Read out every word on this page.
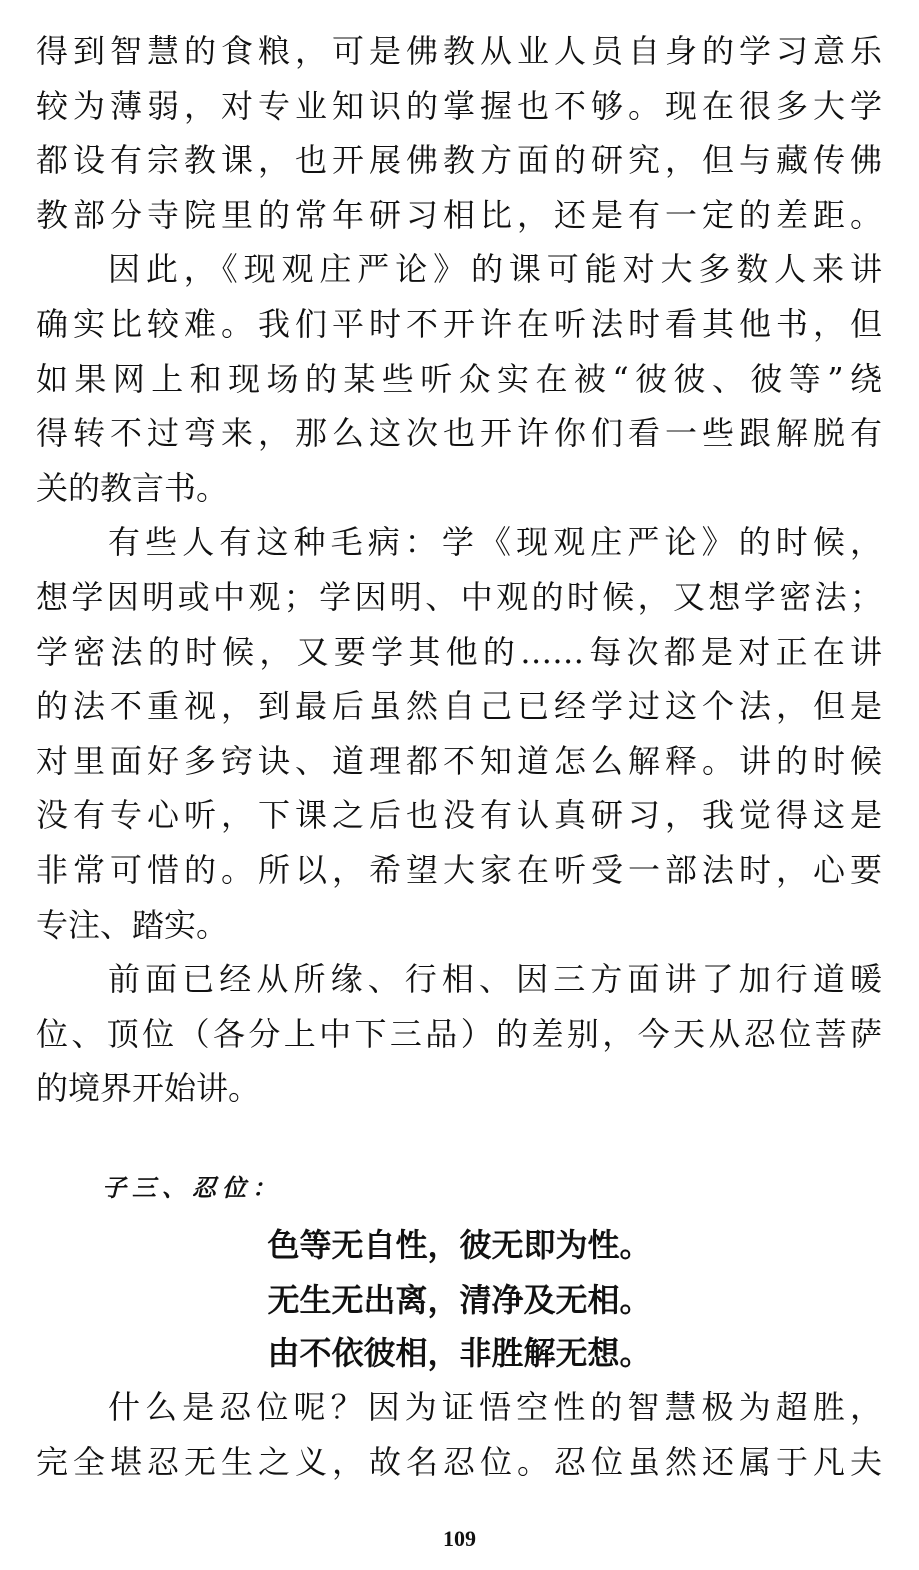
得到智慧的食粮，可是佛教从业人员自身的学习意乐
较为薄弱，对专业知识的掌握也不够。现在很多大学
都设有宗教课，也开展佛教方面的研究，但与藏传佛
教部分寺院里的常年研习相比，还是有一定的差距。
因此，《现观庄严论》的课可能对大多数人来讲
确实比较难。我们平时不开许在听法时看其他书，但
如果网上和现场的某些听众实在被“彼彼、彼等”绕
得转不过弯来，那么这次也开许你们看一些跟解脱有
关的教言书。
有些人有这种毛病：学《现观庄严论》的时候，
想学因明或中观；学因明、中观的时候，又想学密法；
学密法的时候，又要学其他的……每次都是对正在讲
的法不重视，到最后虽然自己已经学过这个法，但是
对里面好多窍诀、道理都不知道怎么解释。讲的时候
没有专心听，下课之后也没有认真研习，我觉得这是
非常可惜的。所以，希望大家在听受一部法时，心要
专注、踏实。
前面已经从所缘、行相、因三方面讲了加行道暖
位、顶位（各分上中下三品）的差别，今天从忍位菩萨
的境界开始讲。
子三、忍位：
色等无自性，彼无即为性。
无生无出离，清净及无相。
由不依彼相，非胜解无想。
什么是忍位呢？因为证悟空性的智慧极为超胜，
完全堪忍无生之义，故名忍位。忍位虽然还属于凡夫
109
